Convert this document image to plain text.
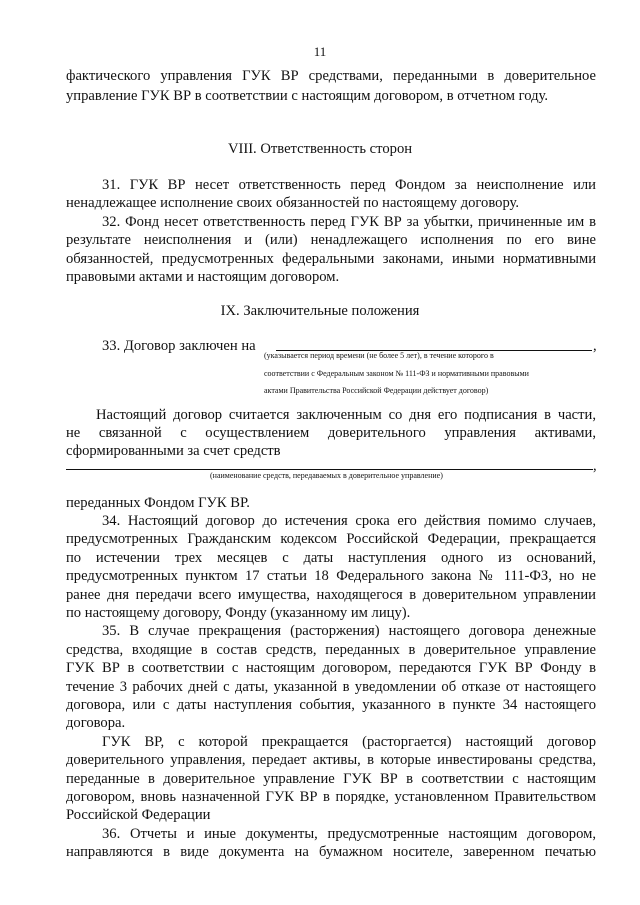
11
фактического управления ГУК ВР средствами, переданными в доверительное
управление ГУК ВР в соответствии с настоящим договором, в отчетном году.
VIII. Ответственность сторон
31. ГУК ВР несет ответственность перед Фондом за неисполнение или
ненадлежащее исполнение своих обязанностей по настоящему договору.
32. Фонд несет ответственность перед ГУК ВР за убытки, причиненные им в
результате неисполнения и (или) ненадлежащего исполнения по его вине
обязанностей, предусмотренных федеральными законами, иными нормативными
правовыми актами и настоящим договором.
IX. Заключительные положения
33. Договор заключен на	,
(указывается период времени (не более 5 лет), в течение которого в
соответствии с Федеральным законом № 111-ФЗ и нормативными правовыми
актами Правительства Российской Федерации действует договор)
Настоящий договор считается заключенным со дня его подписания в части,
не связанной с осуществлением доверительного управления активами,
сформированными за счет средств
,
(наименование средств, передаваемых в доверительное управление)
переданных Фондом ГУК ВР.
34. Настоящий договор до истечения срока его действия помимо случаев,
предусмотренных Гражданским кодексом Российской Федерации, прекращается
по истечении трех месяцев с даты наступления одного из оснований,
предусмотренных пунктом 17 статьи 18 Федерального закона № 111-ФЗ, но не
ранее дня передачи всего имущества, находящегося в доверительном управлении
по настоящему договору, Фонду (указанному им лицу).
35. В случае прекращения (расторжения) настоящего договора денежные
средства, входящие в состав средств, переданных в доверительное управление
ГУК ВР в соответствии с настоящим договором, передаются ГУК ВР Фонду в
течение 3 рабочих дней с даты, указанной в уведомлении об отказе от настоящего
договора, или с даты наступления события, указанного в пункте 34 настоящего
договора.
ГУК ВР, с которой прекращается (расторгается) настоящий договор
доверительного управления, передает активы, в которые инвестированы средства,
переданные в доверительное управление ГУК ВР в соответствии с настоящим
договором, вновь назначенной ГУК ВР в порядке, установленном Правительством
Российской Федерации
36. Отчеты и иные документы, предусмотренные настоящим договором,
направляются в виде документа на бумажном носителе, заверенном печатью
